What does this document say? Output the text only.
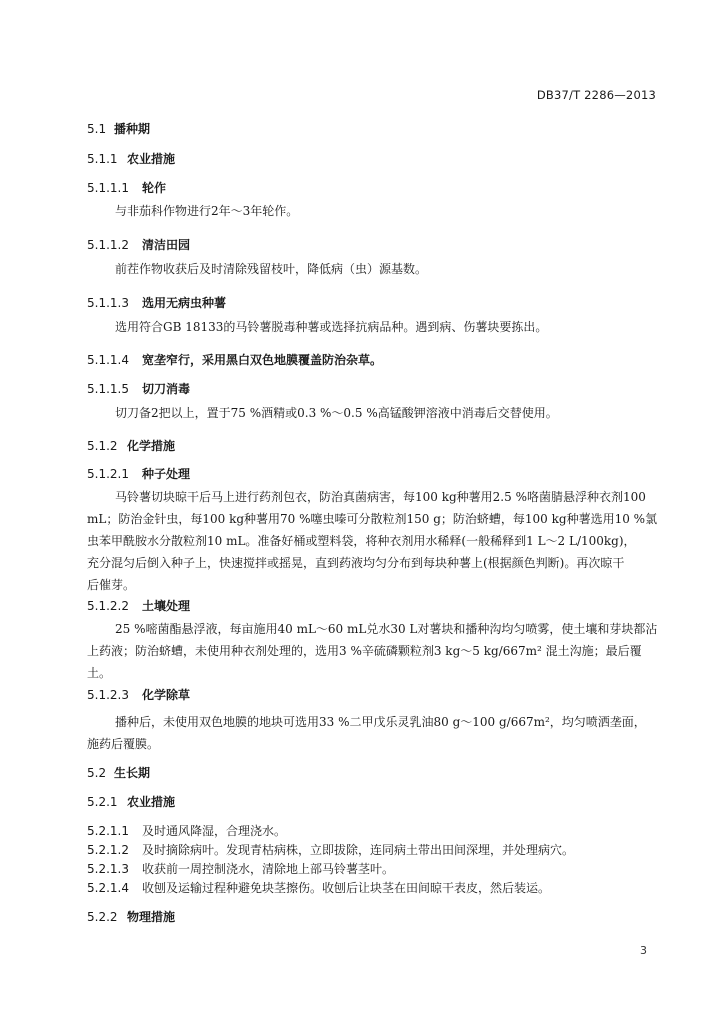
DB37/T 2286—2013
5.1 播种期
5.1.1 农业措施
5.1.1.1 轮作
与非茄科作物进行2年～3年轮作。
5.1.1.2 清洁田园
前茬作物收获后及时清除残留枝叶，降低病（虫）源基数。
5.1.1.3 选用无病虫种薯
选用符合GB 18133的马铃薯脱毒种薯或选择抗病品种。遇到病、伤薯块要拣出。
5.1.1.4 宽垄窄行，采用黑白双色地膜覆盖防治杂草。
5.1.1.5 切刀消毒
切刀备2把以上，置于75 %酒精或0.3 %～0.5 %高锰酸钾溶液中消毒后交替使用。
5.1.2 化学措施
5.1.2.1 种子处理
马铃薯切块晾干后马上进行药剂包衣，防治真菌病害，每100 kg种薯用2.5 %咯菌腈悬浮种衣剂100
mL；防治金针虫，每100 kg种薯用70 %噻虫嗪可分散粒剂150 g；防治蛴螬，每100 kg种薯选用10 %氯
虫苯甲酰胺水分散粒剂10 mL。准备好桶或塑料袋，将种衣剂用水稀释(一般稀释到1 L～2 L/100kg)，
充分混匀后倒入种子上，快速搅拌或摇晃，直到药液均匀分布到每块种薯上(根据颜色判断)。再次晾干
后催芽。
5.1.2.2 土壤处理
25 %嘧菌酯悬浮液，每亩施用40 mL～60 mL兑水30 L对薯块和播种沟均匀喷雾，使土壤和芽块都沾
上药液；防治蛴螬，未使用种衣剂处理的，选用3 %辛硫磷颗粒剂3 kg～5 kg/667m² 混土沟施；最后覆
土。
5.1.2.3 化学除草
播种后，未使用双色地膜的地块可选用33 %二甲戊乐灵乳油80 g～100 g/667m²，均匀喷洒垄面，
施药后覆膜。
5.2 生长期
5.2.1 农业措施
5.2.1.1 及时通风降湿，合理浇水。
5.2.1.2 及时摘除病叶。发现青枯病株，立即拔除，连同病土带出田间深埋，并处理病穴。
5.2.1.3 收获前一周控制浇水，清除地上部马铃薯茎叶。
5.2.1.4 收刨及运输过程种避免块茎擦伤。收刨后让块茎在田间晾干表皮，然后装运。
5.2.2 物理措施
3
